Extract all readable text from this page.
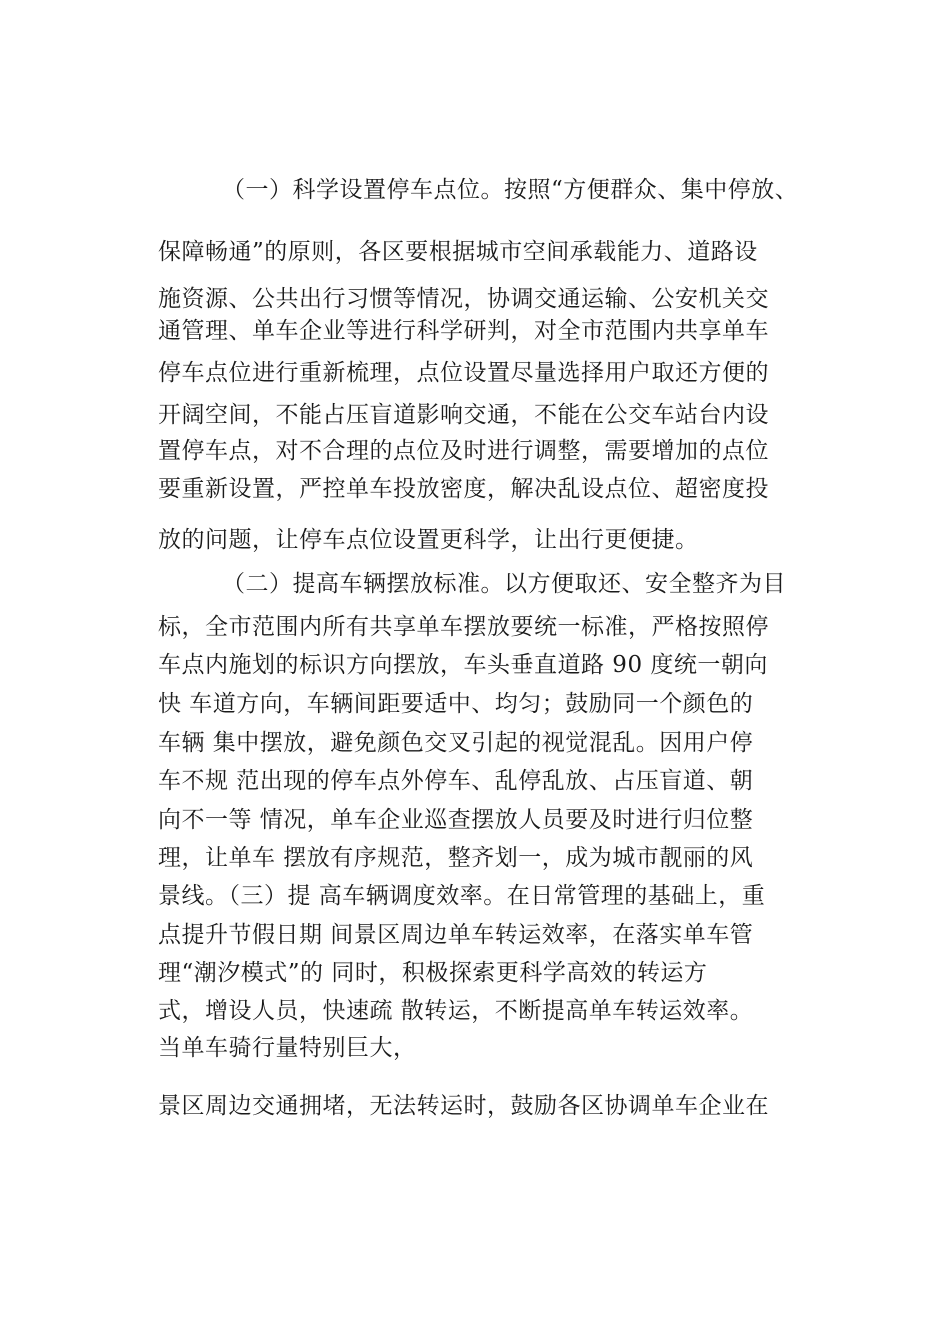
（一）科学设置停车点位。按照“方便群众、集中停放、

保障畅通”的原则，各区要根据城市空间承载能力、道路设

施资源、公共出行习惯等情况，协调交通运输、公安机关交

通管理、单车企业等进行科学研判，对全市范围内共享单车

停车点位进行重新梳理，点位设置尽量选择用户取还方便的

开阔空间，不能占压盲道影响交通，不能在公交车站台内设

置停车点，对不合理的点位及时进行调整，需要增加的点位

要重新设置，严控单车投放密度，解决乱设点位、超密度投

放的问题，让停车点位设置更科学，让出行更便捷。

（二）提高车辆摆放标准。以方便取还、安全整齐为目

标，全市范围内所有共享单车摆放要统一标准，严格按照停

车点内施划的标识方向摆放，车头垂直道路 90 度统一朝向

快 车道方向，车辆间距要适中、均匀；鼓励同一个颜色的

车辆 集中摆放，避免颜色交叉引起的视觉混乱。因用户停

车不规 范出现的停车点外停车、乱停乱放、占压盲道、朝

向不一等 情况，单车企业巡查摆放人员要及时进行归位整

理，让单车 摆放有序规范，整齐划一，成为城市靓丽的风

景线。（三）提 高车辆调度效率。在日常管理的基础上，重

点提升节假日期 间景区周边单车转运效率，在落实单车管

理“潮汐模式”的 同时，积极探索更科学高效的转运方

式，增设人员，快速疏 散转运，不断提高单车转运效率。

当单车骑行量特别巨大，

景区周边交通拥堵，无法转运时，鼓励各区协调单车企业在
